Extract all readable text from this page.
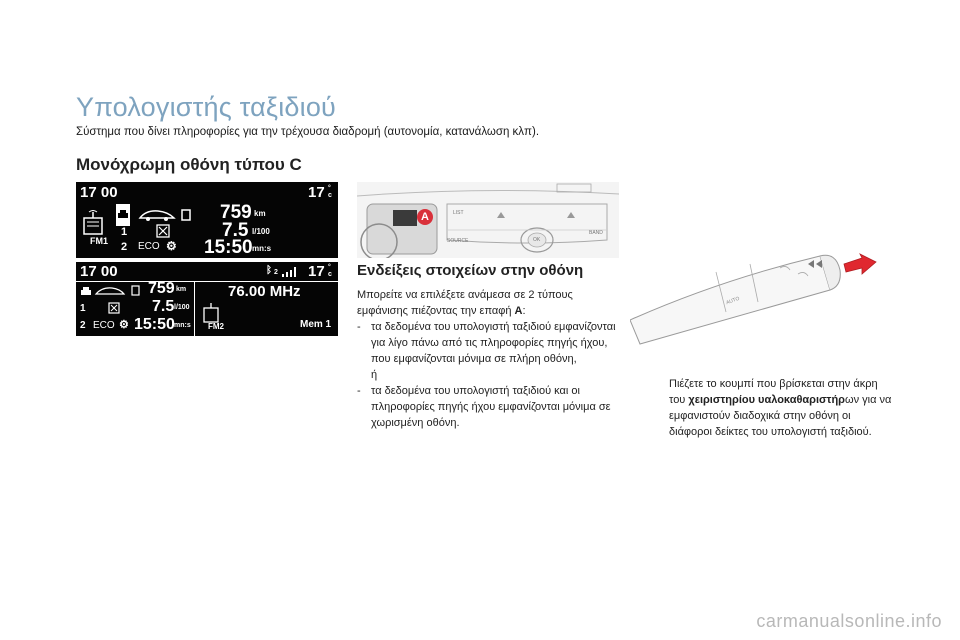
Υπολογιστής ταξιδιού
Σύστημα που δίνει πληροφορίες για την τρέχουσα διαδρομή (αυτονομία, κατανάλωση κλπ).
Μονόχρωμη οθόνη τύπου C
17 00	17 °
c
FM1
1
2 ECO ⚙
759 km
7.5 l/100
15:50 mn:s
17 00	ᛒ 2 17 °
c
1
2 ECO ⚙
759 km
7.5 l/100
15:50 mn:s
76.00 MHz
FM2	Mem 1
LIST
SOURCE	OK
BAND
A
AUTO
Ενδείξεις στοιχείων στην οθόνη

Μπορείτε να επιλέξετε ανάμεσα σε 2 τύπους εμφάνισης πιέζοντας την επαφή A:

- τα δεδομένα του υπολογιστή ταξιδιού εμφανίζονται για λίγο πάνω από τις πληροφορίες πηγής ήχου, που εμφανίζονται μόνιμα σε πλήρη οθόνη,

ή

- τα δεδομένα του υπολογιστή ταξιδιού και οι πληροφορίες πηγής ήχου εμφανίζονται μόνιμα σε χωρισμένη οθόνη.

Πιέζετε το κουμπί που βρίσκεται στην άκρη του χειριστηρίου υαλοκαθαριστήρων για να εμφανιστούν διαδοχικά στην οθόνη οι διάφοροι δείκτες του υπολογιστή ταξιδιού.
carmanualsonline.info
